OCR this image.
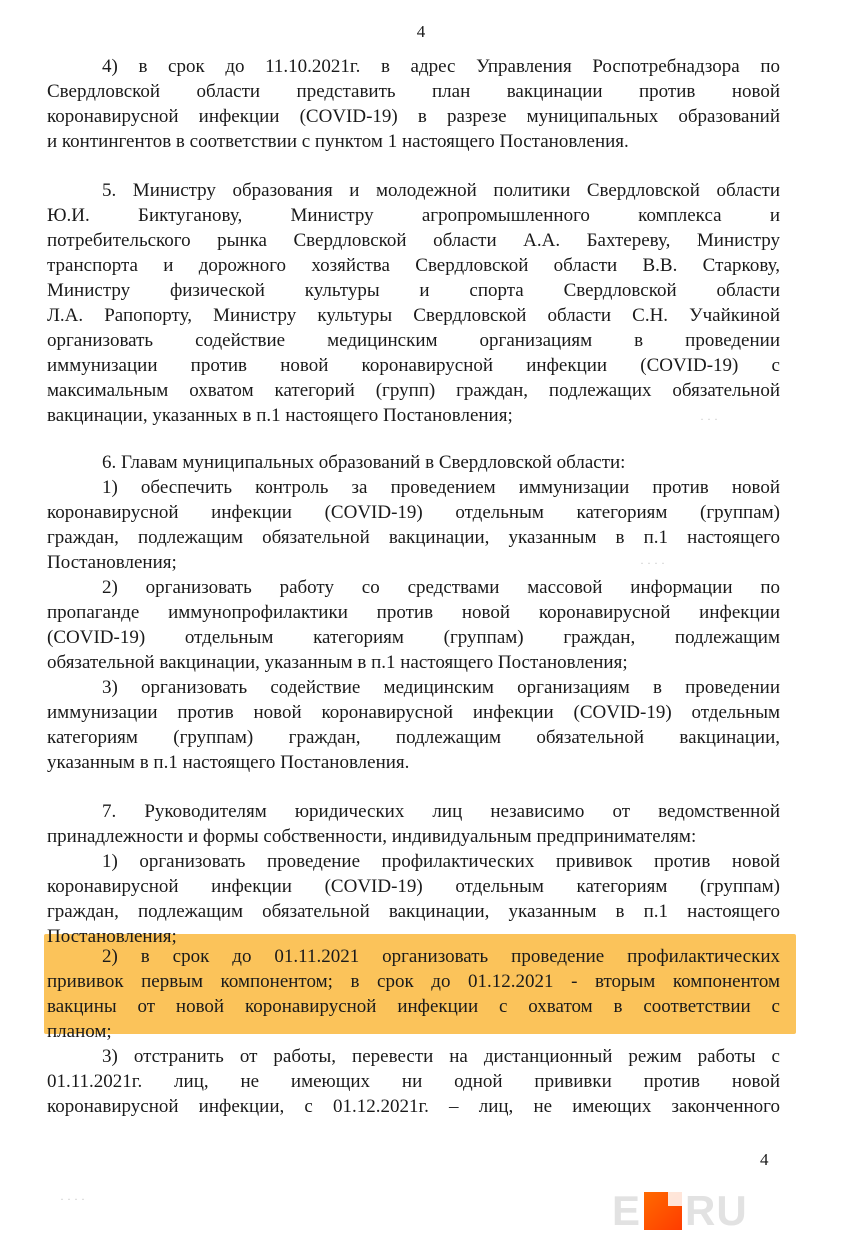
4
4) в срок до 11.10.2021г. в адрес Управления Роспотребнадзора по
Свердловской области представить план вакцинации против новой
коронавирусной инфекции (COVID-19) в разрезе муниципальных образований
и контингентов в соответствии с пунктом 1 настоящего Постановления.
5. Министру образования и молодежной политики Свердловской области
Ю.И. Биктуганову, Министру агропромышленного комплекса и
потребительского рынка Свердловской области А.А. Бахтереву, Министру
транспорта и дорожного хозяйства Свердловской области В.В. Старкову,
Министру физической культуры и спорта Свердловской области
Л.А. Рапопорту, Министру культуры Свердловской области С.Н. Учайкиной
организовать содействие медицинским организациям в проведении
иммунизации против новой коронавирусной инфекции (COVID-19) с
максимальным охватом категорий (групп) граждан, подлежащих обязательной
вакцинации, указанных в п.1 настоящего Постановления;
6. Главам муниципальных образований в Свердловской области:
1) обеспечить контроль за проведением иммунизации против новой
коронавирусной инфекции (COVID-19) отдельным категориям (группам)
граждан, подлежащим обязательной вакцинации, указанным в п.1 настоящего
Постановления;
2) организовать работу со средствами массовой информации по
пропаганде иммунопрофилактики против новой коронавирусной инфекции
(COVID-19) отдельным категориям (группам) граждан, подлежащим
обязательной вакцинации, указанным в п.1 настоящего Постановления;
3) организовать содействие медицинским организациям в проведении
иммунизации против новой коронавирусной инфекции (COVID-19) отдельным
категориям (группам) граждан, подлежащим обязательной вакцинации,
указанным в п.1 настоящего Постановления.
7. Руководителям юридических лиц независимо от ведомственной
принадлежности и формы собственности, индивидуальным предпринимателям:
1) организовать проведение профилактических прививок против новой
коронавирусной инфекции (COVID-19) отдельным категориям (группам)
граждан, подлежащим обязательной вакцинации, указанным в п.1 настоящего
Постановления;
2) в срок до 01.11.2021 организовать проведение профилактических
прививок первым компонентом; в срок до 01.12.2021 - вторым компонентом
вакцины от новой коронавирусной инфекции с охватом в соответствии с
планом;
3) отстранить от работы, перевести на дистанционный режим работы с
01.11.2021г. лиц, не имеющих ни одной прививки против новой
коронавирусной инфекции, с 01.12.2021г. – лиц, не имеющих законченного
· · ·
· · · ·
· · · ·
4
E RU
